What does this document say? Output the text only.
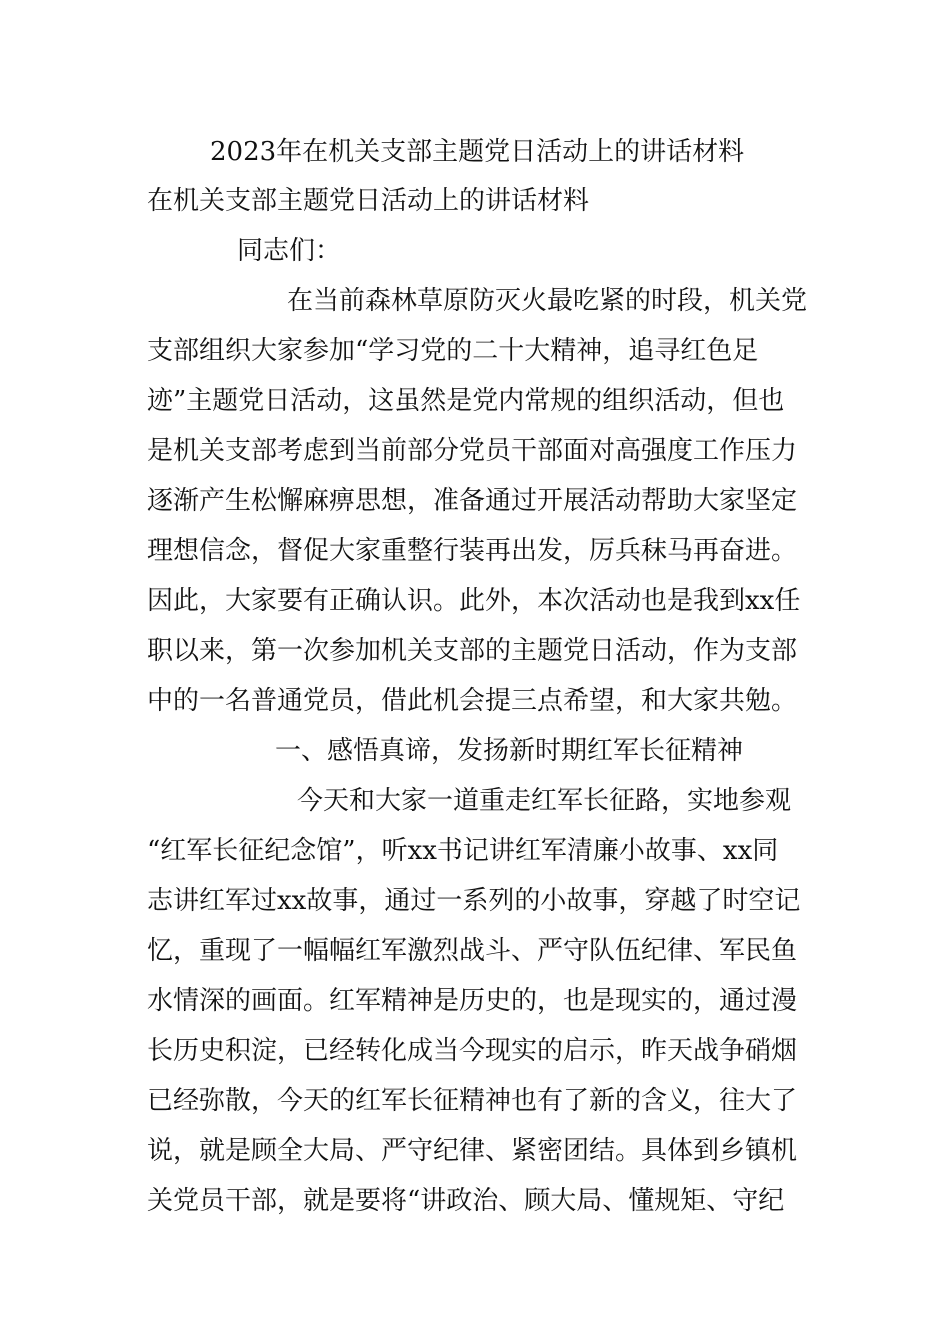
2023年在机关支部主题党日活动上的讲话材料
在机关支部主题党日活动上的讲话材料
同志们：
在当前森林草原防灭火最吃紧的时段，机关党
支部组织大家参加“学习党的二十大精神，追寻红色足
迹”主题党日活动，这虽然是党内常规的组织活动，但也
是机关支部考虑到当前部分党员干部面对高强度工作压力
逐渐产生松懈麻痹思想，准备通过开展活动帮助大家坚定
理想信念，督促大家重整行装再出发，厉兵秣马再奋进。
因此，大家要有正确认识。此外，本次活动也是我到xx任
职以来，第一次参加机关支部的主题党日活动，作为支部
中的一名普通党员，借此机会提三点希望，和大家共勉。
一、感悟真谛，发扬新时期红军长征精神
今天和大家一道重走红军长征路，实地参观
“红军长征纪念馆”，听xx书记讲红军清廉小故事、xx同
志讲红军过xx故事，通过一系列的小故事，穿越了时空记
忆，重现了一幅幅红军激烈战斗、严守队伍纪律、军民鱼
水情深的画面。红军精神是历史的，也是现实的，通过漫
长历史积淀，已经转化成当今现实的启示，昨天战争硝烟
已经弥散，今天的红军长征精神也有了新的含义，往大了
说，就是顾全大局、严守纪律、紧密团结。具体到乡镇机
关党员干部，就是要将“讲政治、顾大局、懂规矩、守纪
